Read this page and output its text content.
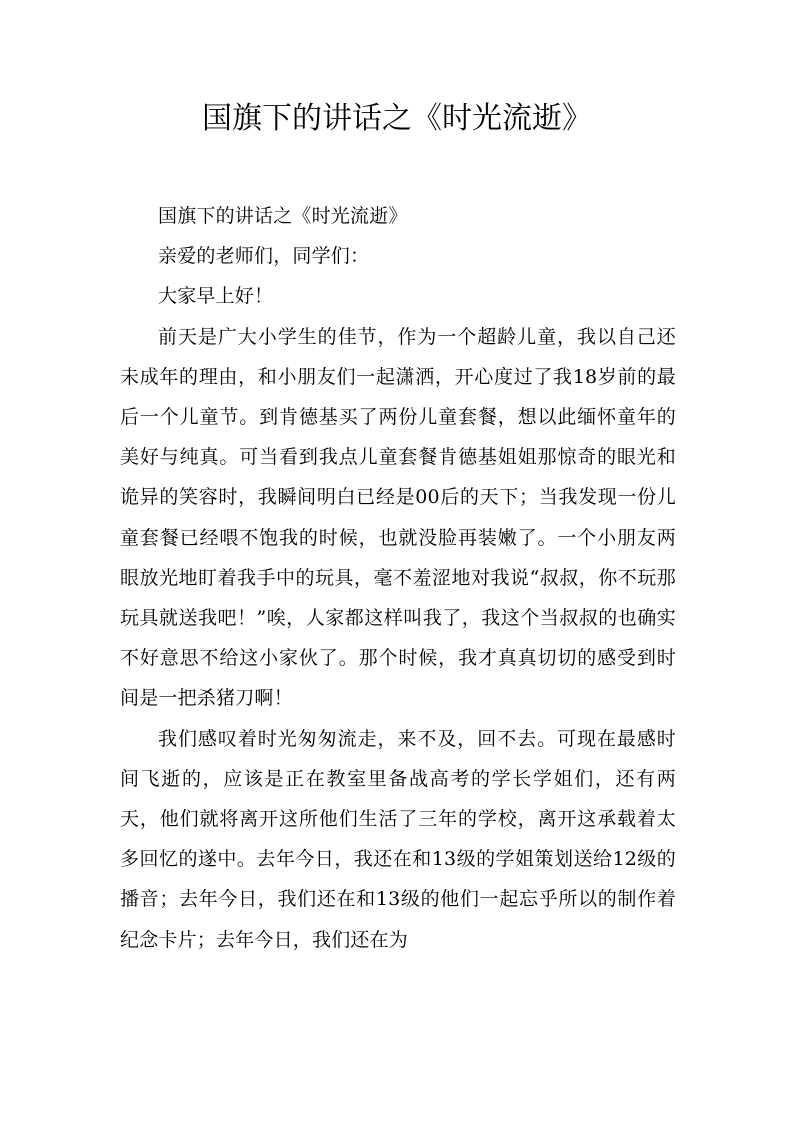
国旗下的讲话之《时光流逝》

国旗下的讲话之《时光流逝》

亲爱的老师们，同学们：

大家早上好！

前天是广大小学生的佳节，作为一个超龄儿童，我以自己还未成年的理由，和小朋友们一起潇洒，开心度过了我18岁前的最后一个儿童节。到肯德基买了两份儿童套餐，想以此缅怀童年的美好与纯真。可当看到我点儿童套餐肯德基姐姐那惊奇的眼光和诡异的笑容时，我瞬间明白已经是00后的天下；当我发现一份儿童套餐已经喂不饱我的时候，也就没脸再装嫩了。一个小朋友两眼放光地盯着我手中的玩具，毫不羞涩地对我说“叔叔，你不玩那玩具就送我吧！”唉，人家都这样叫我了，我这个当叔叔的也确实不好意思不给这小家伙了。那个时候，我才真真切切的感受到时间是一把杀猪刀啊！

我们感叹着时光匆匆流走，来不及，回不去。可现在最感时间飞逝的，应该是正在教室里备战高考的学长学姐们，还有两天，他们就将离开这所他们生活了三年的学校，离开这承载着太多回忆的遂中。去年今日，我还在和13级的学姐策划送给12级的播音；去年今日，我们还在和13级的他们一起忘乎所以的制作着纪念卡片；去年今日，我们还在为
